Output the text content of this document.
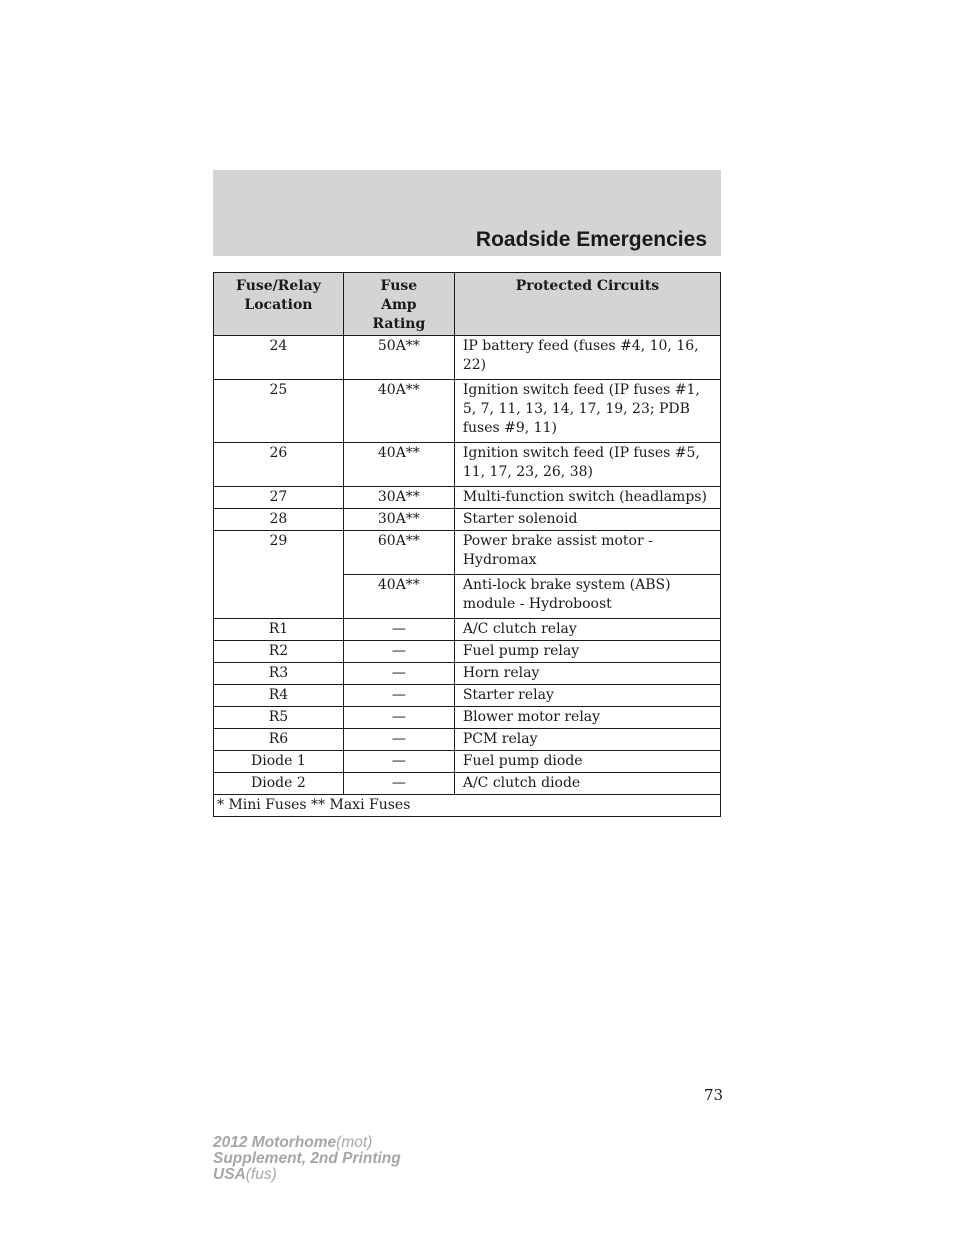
Roadside Emergencies
Fuse/Relay Location	Fuse Amp Rating	Protected Circuits
24	50A**	IP battery feed (fuses #4, 10, 16, 22)
25	40A**	Ignition switch feed (IP fuses #1, 5, 7, 11, 13, 14, 17, 19, 23; PDB fuses #9, 11)
26	40A**	Ignition switch feed (IP fuses #5, 11, 17, 23, 26, 38)
27	30A**	Multi-function switch (headlamps)
28	30A**	Starter solenoid
29	60A**	Power brake assist motor - Hydromax
	40A**	Anti-lock brake system (ABS) module - Hydroboost
R1	—	A/C clutch relay
R2	—	Fuel pump relay
R3	—	Horn relay
R4	—	Starter relay
R5	—	Blower motor relay
R6	—	PCM relay
Diode 1	—	Fuel pump diode
Diode 2	—	A/C clutch diode
* Mini Fuses ** Maxi Fuses		
73
2012 Motorhome(mot)
Supplement, 2nd Printing
USA(fus)
